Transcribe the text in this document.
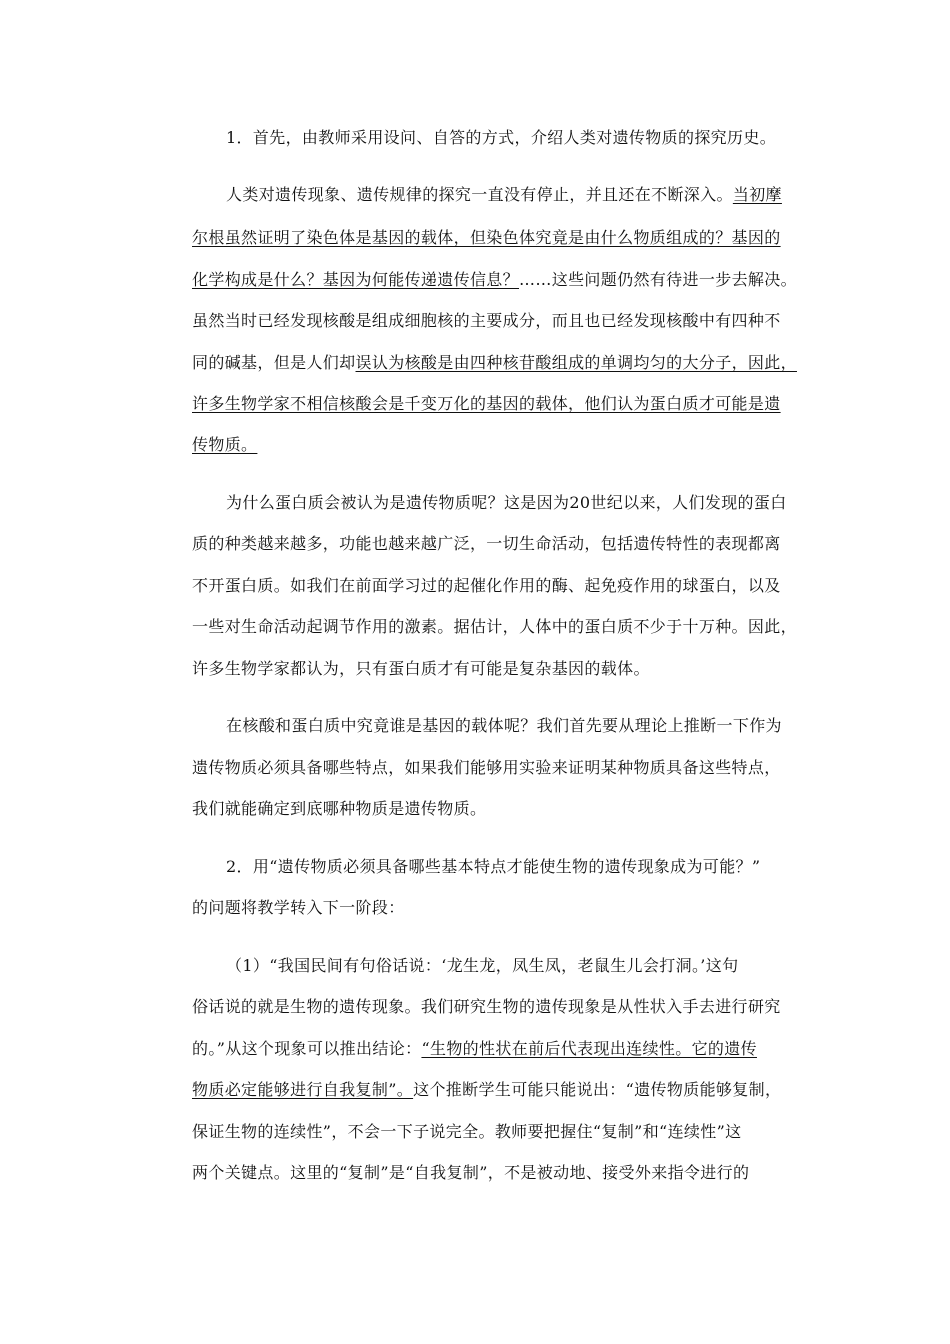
1．首先，由教师采用设问、自答的方式，介绍人类对遗传物质的探究历史。
人类对遗传现象、遗传规律的探究一直没有停止，并且还在不断深入。当初摩
尔根虽然证明了染色体是基因的载体，但染色体究竟是由什么物质组成的？基因的
化学构成是什么？基因为何能传递遗传信息？……这些问题仍然有待进一步去解决。
虽然当时已经发现核酸是组成细胞核的主要成分，而且也已经发现核酸中有四种不
同的碱基，但是人们却误认为核酸是由四种核苷酸组成的单调均匀的大分子，因此，
许多生物学家不相信核酸会是千变万化的基因的载体，他们认为蛋白质才可能是遗
传物质。
为什么蛋白质会被认为是遗传物质呢？这是因为20世纪以来，人们发现的蛋白
质的种类越来越多，功能也越来越广泛，一切生命活动，包括遗传特性的表现都离
不开蛋白质。如我们在前面学习过的起催化作用的酶、起免疫作用的球蛋白，以及
一些对生命活动起调节作用的激素。据估计，人体中的蛋白质不少于十万种。因此，
许多生物学家都认为，只有蛋白质才有可能是复杂基因的载体。
在核酸和蛋白质中究竟谁是基因的载体呢？我们首先要从理论上推断一下作为
遗传物质必须具备哪些特点，如果我们能够用实验来证明某种物质具备这些特点，
我们就能确定到底哪种物质是遗传物质。
2．用“遗传物质必须具备哪些基本特点才能使生物的遗传现象成为可能？”
的问题将教学转入下一阶段：
（1）“我国民间有句俗话说：‘龙生龙，凤生凤，老鼠生儿会打洞。’这句
俗话说的就是生物的遗传现象。我们研究生物的遗传现象是从性状入手去进行研究
的。”从这个现象可以推出结论：“生物的性状在前后代表现出连续性。它的遗传
物质必定能够进行自我复制”。这个推断学生可能只能说出：“遗传物质能够复制，
保证生物的连续性”，不会一下子说完全。教师要把握住“复制”和“连续性”这
两个关键点。这里的“复制”是“自我复制”，不是被动地、接受外来指令进行的
